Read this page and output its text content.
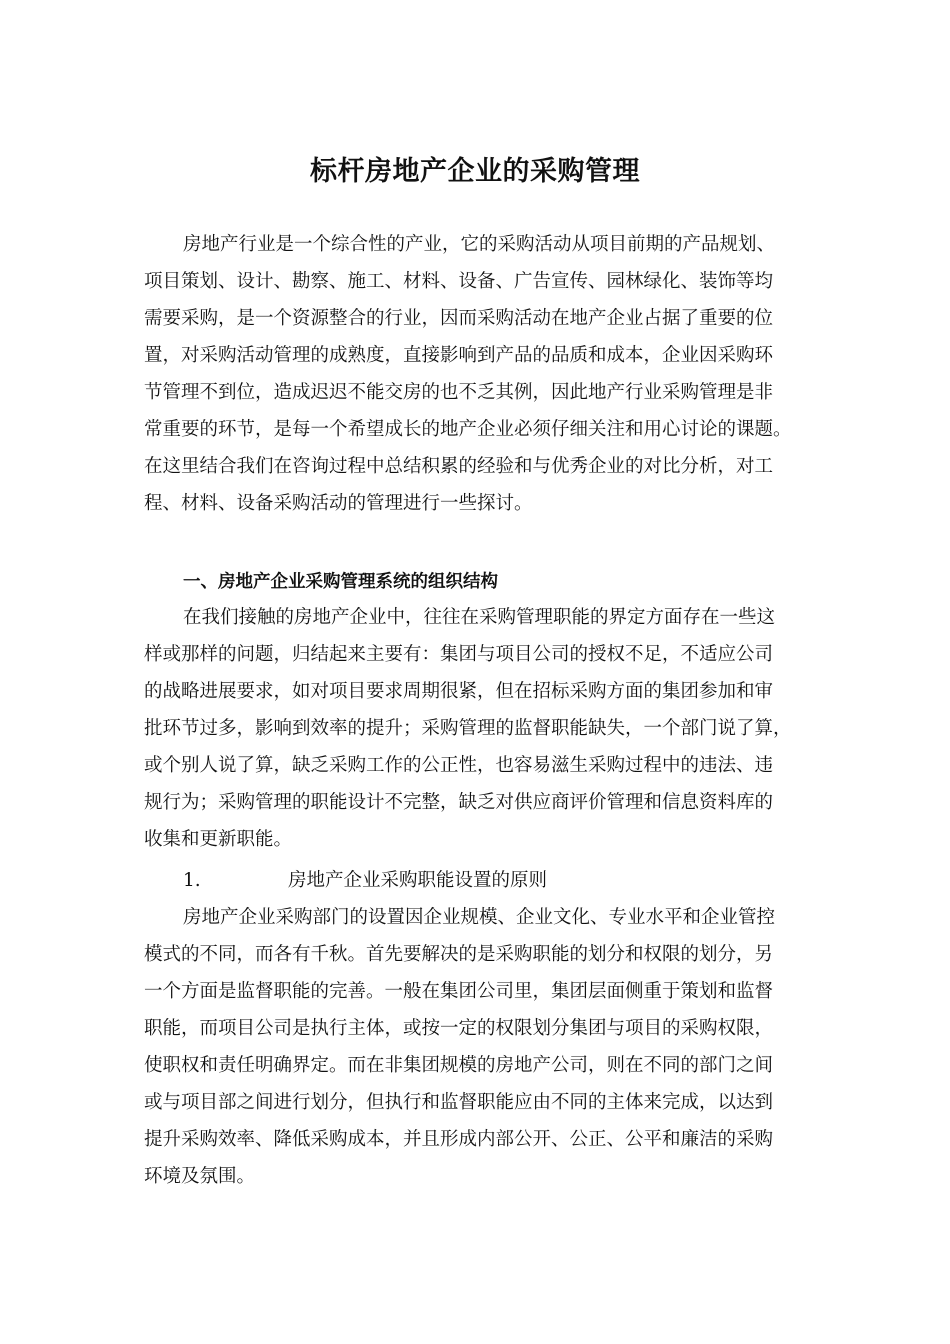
标杆房地产企业的采购管理

房地产行业是一个综合性的产业，它的采购活动从项目前期的产品规划、

项目策划、设计、勘察、施工、材料、设备、广告宣传、园林绿化、装饰等均

需要采购，是一个资源整合的行业，因而采购活动在地产企业占据了重要的位

置，对采购活动管理的成熟度，直接影响到产品的品质和成本，企业因采购环

节管理不到位，造成迟迟不能交房的也不乏其例，因此地产行业采购管理是非

常重要的环节，是每一个希望成长的地产企业必须仔细关注和用心讨论的课题。

在这里结合我们在咨询过程中总结积累的经验和与优秀企业的对比分析，对工

程、材料、设备采购活动的管理进行一些探讨。

一、房地产企业采购管理系统的组织结构

在我们接触的房地产企业中，往往在采购管理职能的界定方面存在一些这

样或那样的问题，归结起来主要有：集团与项目公司的授权不足，不适应公司

的战略进展要求，如对项目要求周期很紧，但在招标采购方面的集团参加和审

批环节过多，影响到效率的提升；采购管理的监督职能缺失，一个部门说了算，

或个别人说了算，缺乏采购工作的公正性，也容易滋生采购过程中的违法、违

规行为；采购管理的职能设计不完整，缺乏对供应商评价管理和信息资料库的

收集和更新职能。

1.	房地产企业采购职能设置的原则

房地产企业采购部门的设置因企业规模、企业文化、专业水平和企业管控

模式的不同，而各有千秋。首先要解决的是采购职能的划分和权限的划分，另

一个方面是监督职能的完善。一般在集团公司里，集团层面侧重于策划和监督

职能，而项目公司是执行主体，或按一定的权限划分集团与项目的采购权限，

使职权和责任明确界定。而在非集团规模的房地产公司，则在不同的部门之间

或与项目部之间进行划分，但执行和监督职能应由不同的主体来完成，以达到

提升采购效率、降低采购成本，并且形成内部公开、公正、公平和廉洁的采购

环境及氛围。
